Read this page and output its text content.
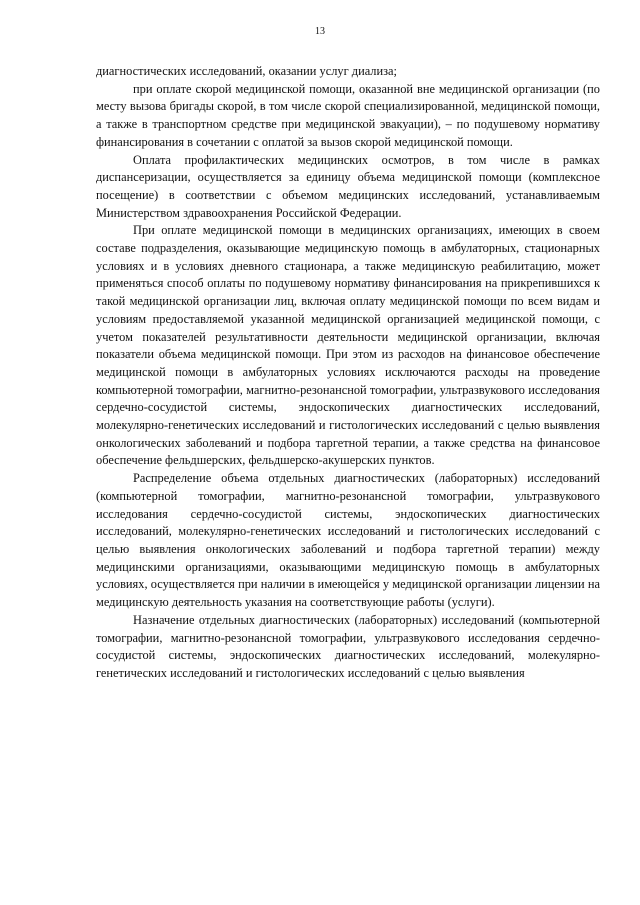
13

диагностических исследований, оказании услуг диализа;

при оплате скорой медицинской помощи, оказанной вне медицинской организации (по месту вызова бригады скорой, в том числе скорой специализированной, медицинской помощи, а также в транспортном средстве при медицинской эвакуации), – по подушевому нормативу финансирования в сочетании с оплатой за вызов скорой медицинской помощи.

Оплата профилактических медицинских осмотров, в том числе в рамках диспансеризации, осуществляется за единицу объема медицинской помощи (комплексное посещение) в соответствии с объемом медицинских исследований, устанавливаемым Министерством здравоохранения Российской Федерации.

При оплате медицинской помощи в медицинских организациях, имеющих в своем составе подразделения, оказывающие медицинскую помощь в амбулаторных, стационарных условиях и в условиях дневного стационара, а также медицинскую реабилитацию, может применяться способ оплаты по подушевому нормативу финансирования на прикрепившихся к такой медицинской организации лиц, включая оплату медицинской помощи по всем видам и условиям предоставляемой указанной медицинской организацией медицинской помощи, с учетом показателей результативности деятельности медицинской организации, включая показатели объема медицинской помощи. При этом из расходов на финансовое обеспечение медицинской помощи в амбулаторных условиях исключаются расходы на проведение компьютерной томографии, магнитно-резонансной томографии, ультразвукового исследования сердечно-сосудистой системы, эндоскопических диагностических исследований, молекулярно-генетических исследований и гистологических исследований с целью выявления онкологических заболеваний и подбора таргетной терапии, а также средства на финансовое обеспечение фельдшерских, фельдшерско-акушерских пунктов.

Распределение объема отдельных диагностических (лабораторных) исследований (компьютерной томографии, магнитно-резонансной томографии, ультразвукового исследования сердечно-сосудистой системы, эндоскопических диагностических исследований, молекулярно-генетических исследований и гистологических исследований с целью выявления онкологических заболеваний и подбора таргетной терапии) между медицинскими организациями, оказывающими медицинскую помощь в амбулаторных условиях, осуществляется при наличии в имеющейся у медицинской организации лицензии на медицинскую деятельность указания на соответствующие работы (услуги).

Назначение отдельных диагностических (лабораторных) исследований (компьютерной томографии, магнитно-резонансной томографии, ультразвукового исследования сердечно-сосудистой системы, эндоскопических диагностических исследований, молекулярно-генетических исследований и гистологических исследований с целью выявления
